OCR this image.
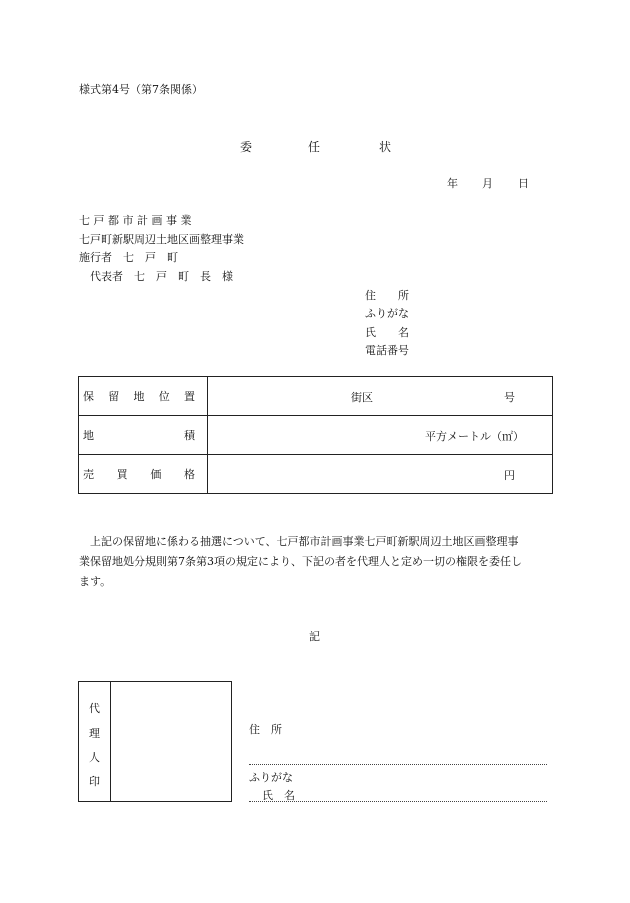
様式第4号（第7条関係）
委	任	状
年 月 日
七 戸 都 市 計 画 事 業
七戸町新駅周辺土地区画整理事業
施行者　七　戸　町
代表者　七　戸　町　長　様
住　　所
ふりがな
氏　　名
電話番号
保 留 地 位 置	街区 号

地 積	平方メートル（㎡）

売 買 価 格	円
上記の保留地に係わる抽選について、七戸都市計画事業七戸町新駅周辺土地区画整理事
業保留地処分規則第7条第3項の規定により、下記の者を代理人と定め一切の権限を委任し
ます。
記
代
理
人
印
住　所
ふりがな
氏　名
